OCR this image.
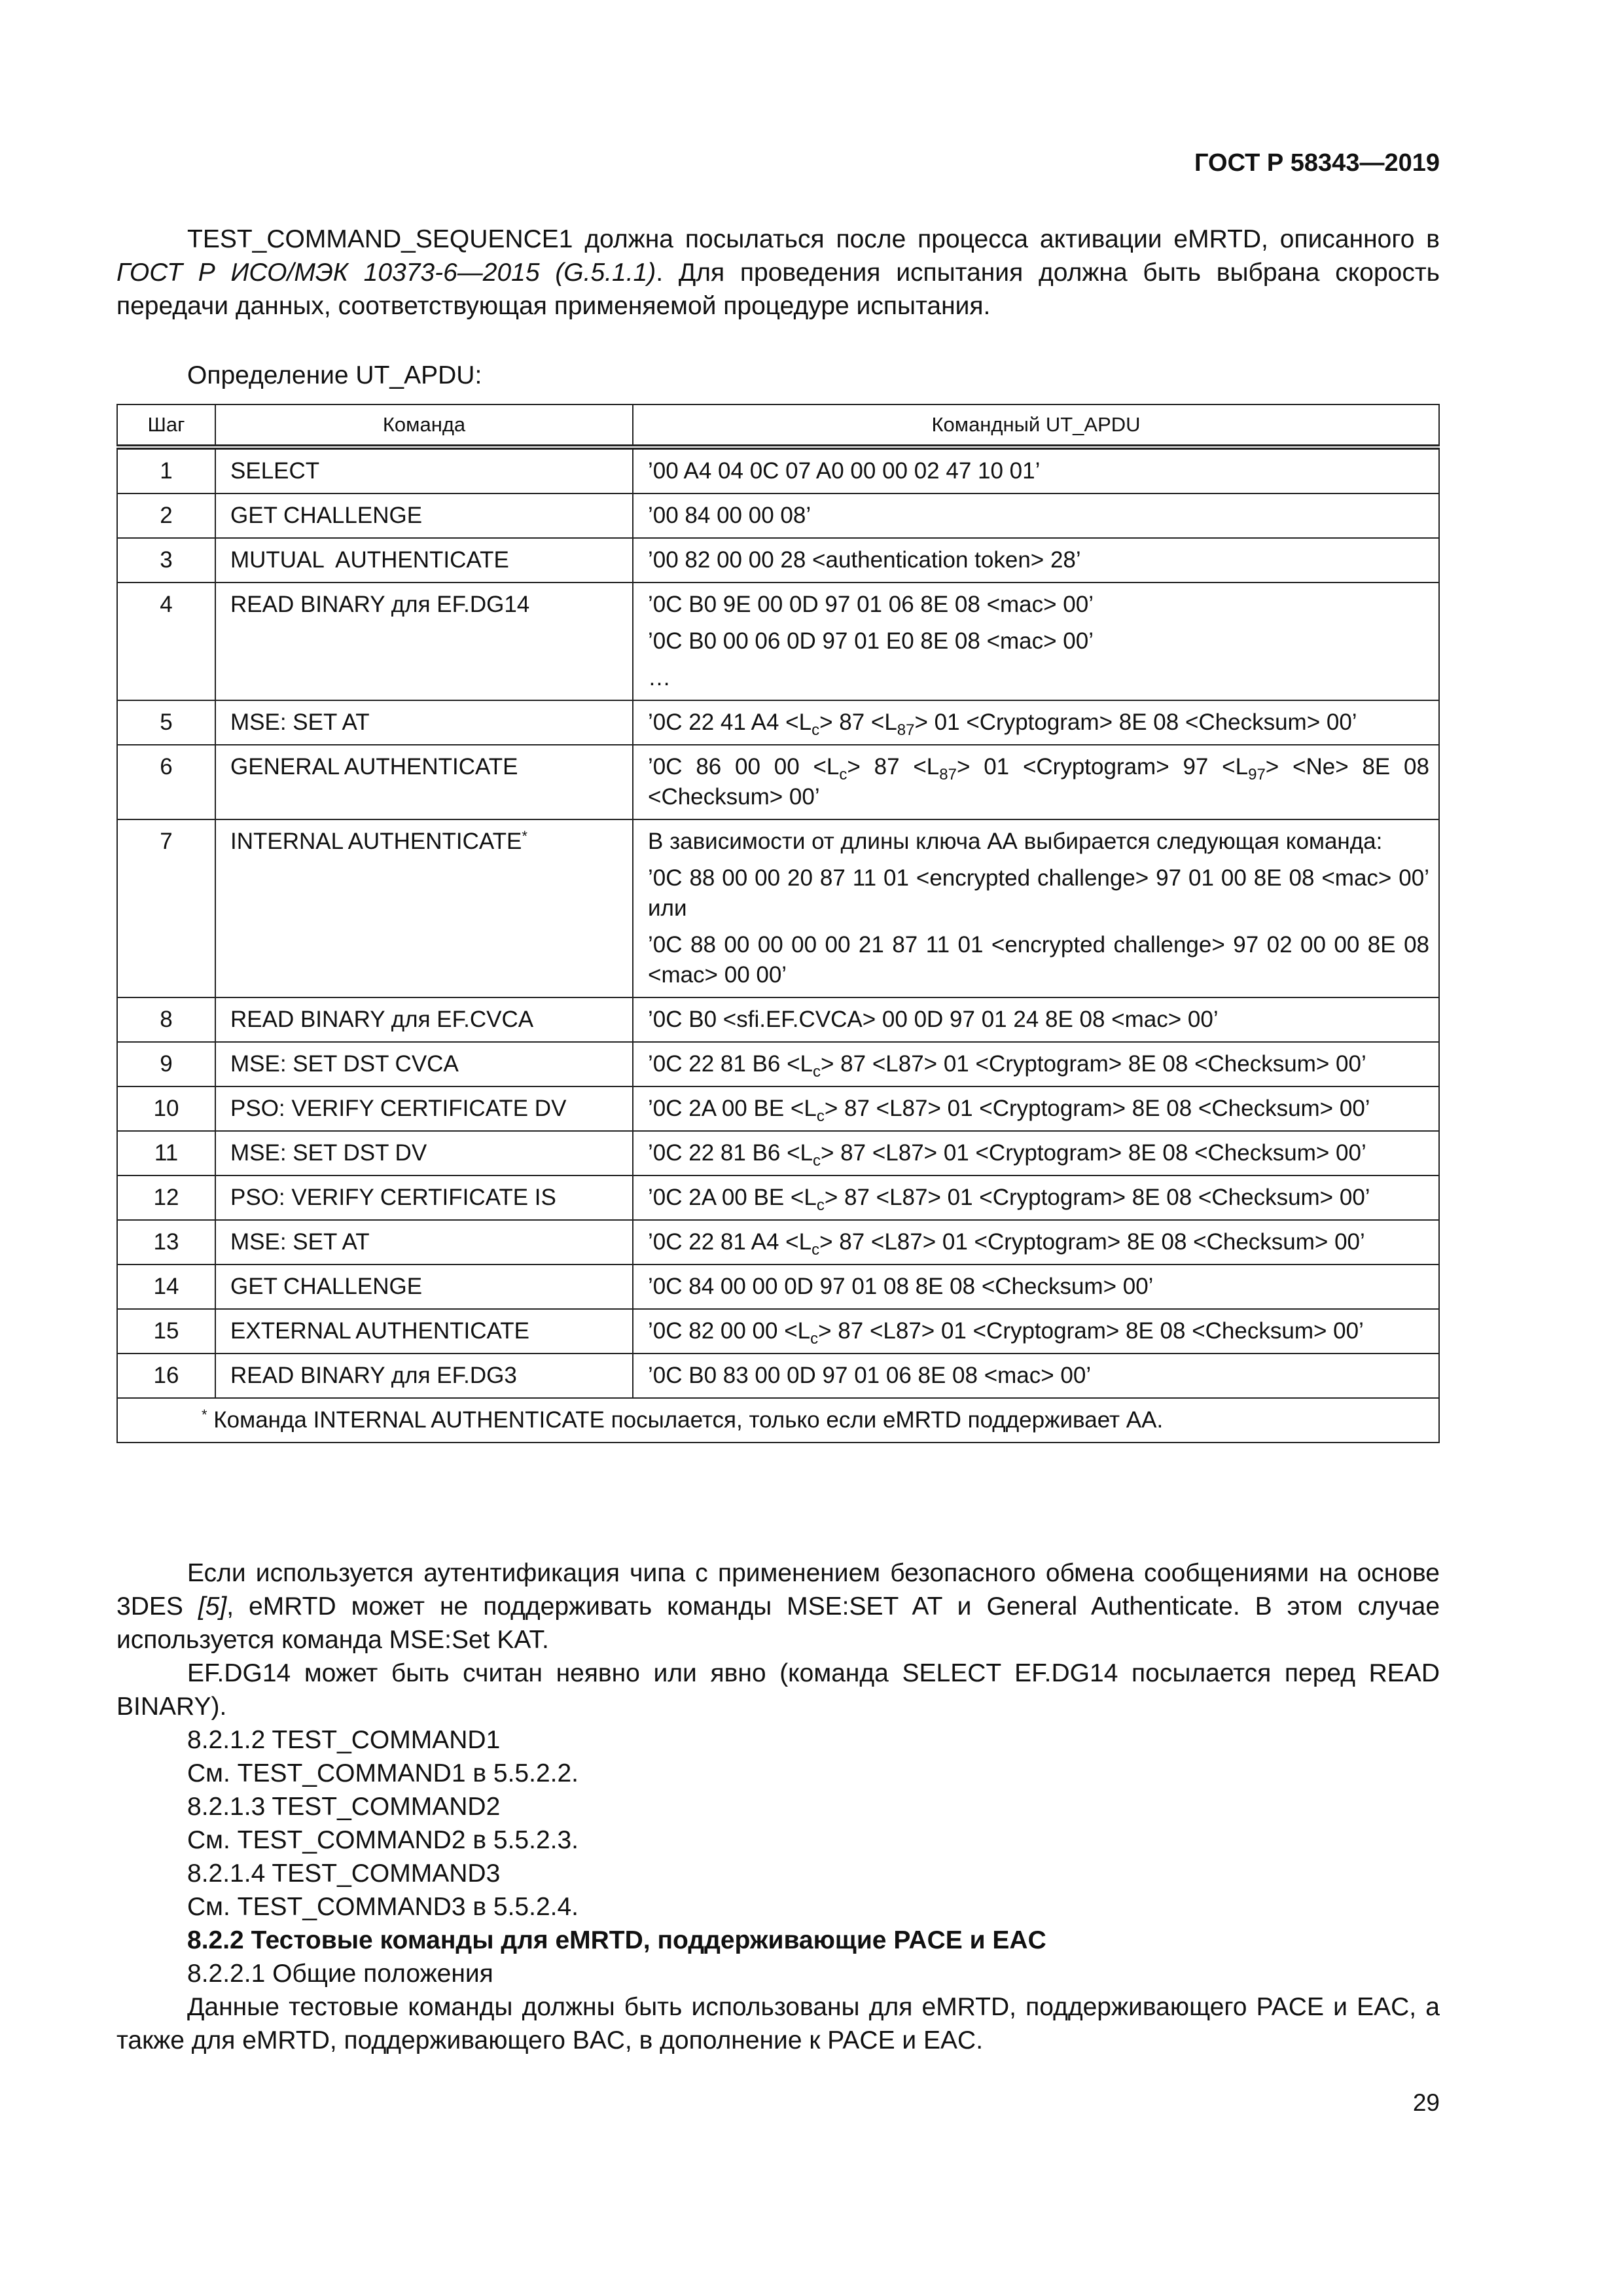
ГОСТ Р 58343—2019

TEST_COMMAND_SEQUENCE1 должна посылаться после процесса активации eMRTD, описанного в ГОСТ Р ИСО/МЭК 10373-6—2015 (G.5.1.1). Для проведения испытания должна быть выбрана скорость передачи данных, соответствующая применяемой процедуре испытания.

Определение UT_APDU:
Шаг	Команда	Командный UT_APDU
1	SELECT	’00 A4 04 0C 07 A0 00 00 02 47 10 01’

2	GET CHALLENGE	’00 84 00 00 08’

3	MUTUAL  AUTHENTICATE	’00 82 00 00 28 <authentication token> 28’

4	READ BINARY для EF.DG14	’0C B0 9E 00 0D 97 01 06 8E 08 <mac> 00’
’0C B0 00 06 0D 97 01 E0 8E 08 <mac> 00’
…

5	MSE: SET AT	’0C 22 41 $A4 <L_c> 87 <L_{87}> 01$ <Cryptogram> 8E 08 <Checksum> 00’
6	GENERAL AUTHENTICATE	’0C 86 00 $00 <L_c> 87 <L_{87}> 01$ <Cryptogram> $97 <L_{97}> <Ne> 8E$ 08 <Checksum> 00’
7	INTERNAL AUTHENTICATE*	В зависимости от длины ключа АА выбирается следующая команда:
’0C 88 00 00 20 87 11 01 <encrypted challenge> 97 01 00 8E 08 <mac> 00’ или
’0C 88 00 00 00 00 21 87 11 01 <encrypted challenge> 97 02 00 00 8E 08 <mac> 00 00’

8	READ BINARY для EF.CVCA	’0C B0 <sfi.EF.CVCA> 00 0D 97 01 24 8E 08 <mac> 00’

9	MSE: SET DST CVCA	’0C 22 81 $B6 <L_c> 87 <L87> 01$ <Cryptogram> 8E 08 <Checksum> 00’
10	PSO: VERIFY CERTIFICATE DV	’0C 2A 00 BE $<L_c> 87 <L87> 01$ <Cryptogram> 8E 08 <Checksum> 00’
11	MSE: SET DST DV	’0C 22 81 $B6 <L_c> 87 <L87> 01$ <Cryptogram> 8E 08 <Checksum> 00’
12	PSO: VERIFY CERTIFICATE IS	’0C 2A 00 BE $<L_c> 87 <L87> 01$ <Cryptogram> 8E 08 <Checksum> 00’
13	MSE: SET AT	’0C 22 81 $A4 <L_c> 87 <L87> 01$ <Cryptogram> 8E 08 <Checksum> 00’
14	GET CHALLENGE	’0C 84 00 00 0D 97 01 08 8E 08 <Checksum> 00’

15	EXTERNAL AUTHENTICATE	’0C 82 00 $00 <L_c> 87 <L87> 01$ <Cryptogram> 8E 08 <Checksum> 00’
16	READ BINARY для EF.DG3	’0C B0 83 00 0D 97 01 06 8E 08 <mac> 00’

* Команда INTERNAL AUTHENTICATE посылается, только если eMRTD поддерживает АА.		

Если используется аутентификация чипа с применением безопасного обмена сообщениями на основе 3DES [5], eMRTD может не поддерживать команды MSE:SET AT и General Authenticate. В этом случае используется команда MSE:Set KAT.

EF.DG14 может быть считан неявно или явно (команда SELECT EF.DG14 посылается перед READ BINARY).

8.2.1.2 TEST_COMMAND1

См. TEST_COMMAND1 в 5.5.2.2.

8.2.1.3 TEST_COMMAND2

См. TEST_COMMAND2 в 5.5.2.3.

8.2.1.4 TEST_COMMAND3

См. TEST_COMMAND3 в 5.5.2.4.

8.2.2 Тестовые команды для eMRTD, поддерживающие PACE и EAC

8.2.2.1 Общие положения

Данные тестовые команды должны быть использованы для eMRTD, поддерживающего PACE и EAC, а также для eMRTD, поддерживающего BAC, в дополнение к PACE и EAC.

29
